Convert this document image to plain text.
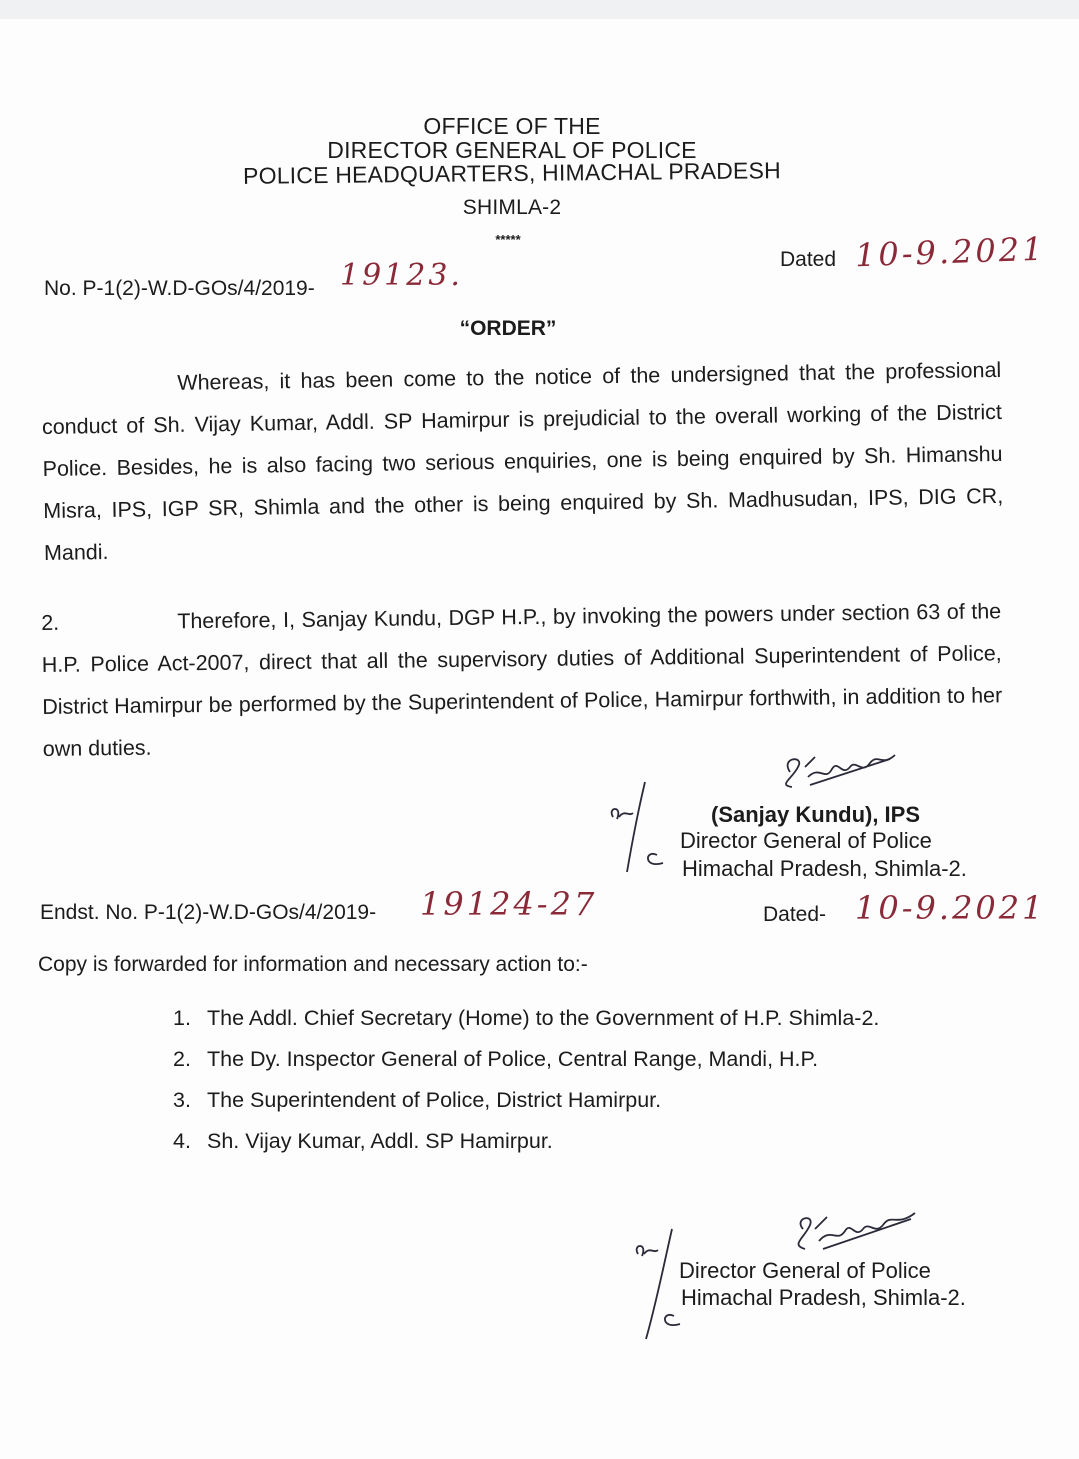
OFFICE OF THE
DIRECTOR GENERAL OF POLICE
POLICE HEADQUARTERS, HIMACHAL PRADESH
SHIMLA-2
*****
No. P-1(2)-W.D-GOs/4/2019- 19123.	Dated 10-9.2021
“ORDER”
Whereas, it has been come to the notice of the undersigned that the professional conduct of Sh. Vijay Kumar, Addl. SP Hamirpur is prejudicial to the overall working of the District Police. Besides, he is also facing two serious enquiries, one is being enquired by Sh. Himanshu Misra, IPS, IGP SR, Shimla and the other is being enquired by Sh. Madhusudan, IPS, DIG CR, Mandi.
2.	Therefore, I, Sanjay Kundu, DGP H.P., by invoking the powers under section 63 of the H.P. Police Act-2007, direct that all the supervisory duties of Additional Superintendent of Police, District Hamirpur be performed by the Superintendent of Police, Hamirpur forthwith, in addition to her own duties.
(Sanjay Kundu), IPS
Director General of Police
Himachal Pradesh, Shimla-2.
Endst. No. P-1(2)-W.D-GOs/4/2019- 19124-27	Dated- 10-9.2021
Copy is forwarded for information and necessary action to:-
1. The Addl. Chief Secretary (Home) to the Government of H.P. Shimla-2.
2. The Dy. Inspector General of Police, Central Range, Mandi, H.P.
3. The Superintendent of Police, District Hamirpur.
4. Sh. Vijay Kumar, Addl. SP Hamirpur.
Director General of Police
Himachal Pradesh, Shimla-2.
